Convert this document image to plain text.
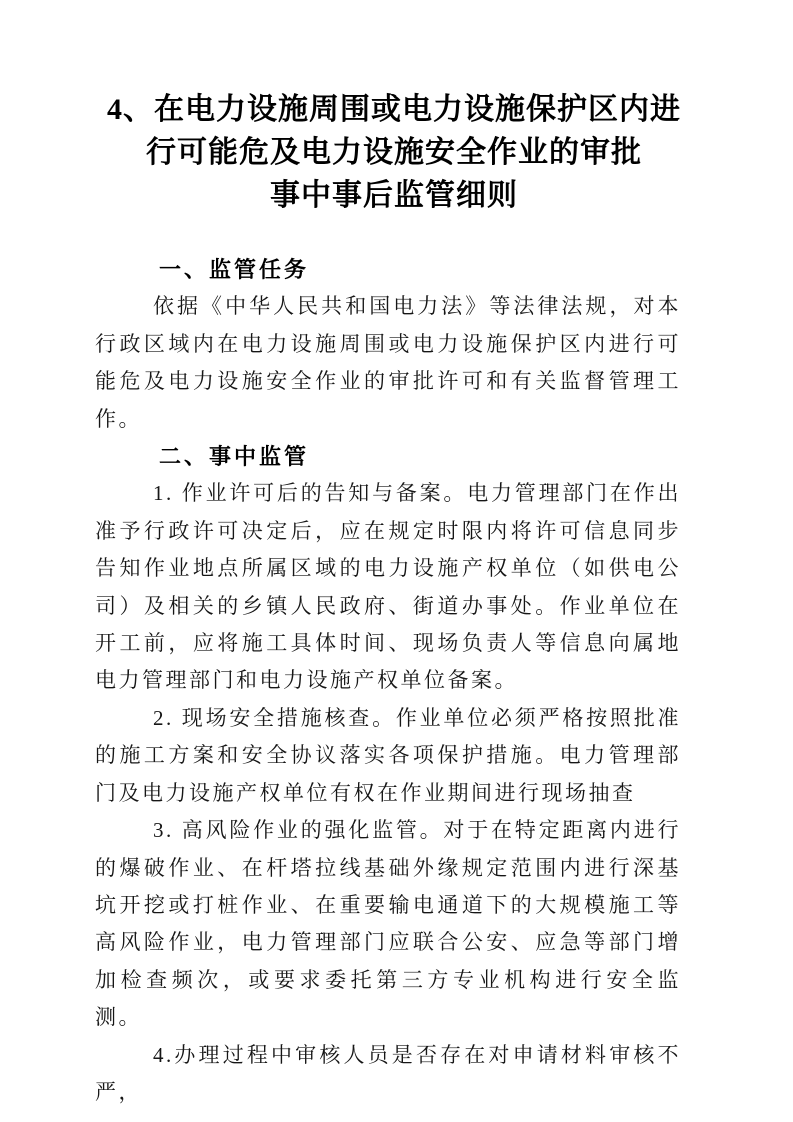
4、在电力设施周围或电力设施保护区内进
行可能危及电力设施安全作业的审批
事中事后监管细则
一、监管任务

依据《中华人民共和国电力法》等法律法规，对本行政区域内在电力设施周围或电力设施保护区内进行可能危及电力设施安全作业的审批许可和有关监督管理工作。

二、事中监管

1. 作业许可后的告知与备案。电力管理部门在作出准予行政许可决定后，应在规定时限内将许可信息同步告知作业地点所属区域的电力设施产权单位（如供电公司）及相关的乡镇人民政府、街道办事处。作业单位在开工前，应将施工具体时间、现场负责人等信息向属地电力管理部门和电力设施产权单位备案。

2. 现场安全措施核查。作业单位必须严格按照批准的施工方案和安全协议落实各项保护措施。电力管理部门及电力设施产权单位有权在作业期间进行现场抽查

3. 高风险作业的强化监管。对于在特定距离内进行的爆破作业、在杆塔拉线基础外缘规定范围内进行深基坑开挖或打桩作业、在重要输电通道下的大规模施工等高风险作业，电力管理部门应联合公安、应急等部门增加检查频次，或要求委托第三方专业机构进行安全监测。

4.办理过程中审核人员是否存在对申请材料审核不严，
